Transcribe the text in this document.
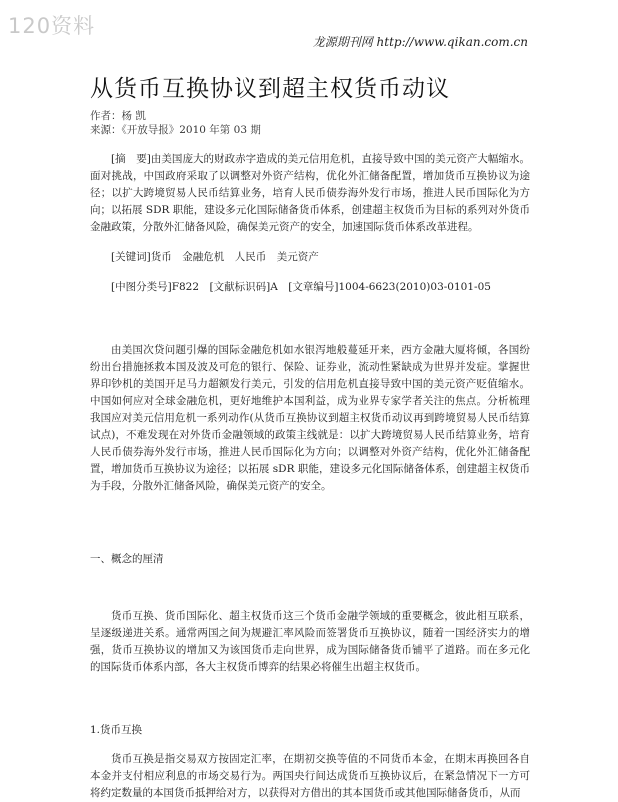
120资料
龙源期刊网 http://www.qikan.com.cn
从货币互换协议到超主权货币动议
作者：杨 凯
来源：《开放导报》2010 年第 03 期

[摘　要]由美国庞大的财政赤字造成的美元信用危机，直接导致中国的美元资产大幅缩水。面对挑战，中国政府采取了以调整对外资产结构，优化外汇储备配置，增加货币互换协议为途径；以扩大跨境贸易人民币结算业务，培育人民币债券海外发行市场，推进人民币国际化为方向；以拓展 SDR 职能，建设多元化国际储备货币体系，创建超主权货币为目标的系列对外货币金融政策，分散外汇储备风险，确保美元资产的安全，加速国际货币体系改革进程。

[关键词]货币　金融危机　人民币　美元资产

[中图分类号]F822　[文献标识码]A　[文章编号]1004-6623(2010)03-0101-05

由美国次贷问题引爆的国际金融危机如水银泻地般蔓延开来，西方金融大厦将倾，各国纷纷出台措施拯救本国及波及可危的银行、保险、证券业，流动性紧缺成为世界并发症。掌握世界印钞机的美国开足马力超额发行美元，引发的信用危机直接导致中国的美元资产贬值缩水。中国如何应对全球金融危机，更好地维护本国利益，成为业界专家学者关注的焦点。分析梳理我国应对美元信用危机一系列动作(从货币互换协议到超主权货币动议再到跨境贸易人民币结算试点)，不难发现在对外货币金融领域的政策主线就是：以扩大跨境贸易人民币结算业务，培育人民币债券海外发行市场，推进人民币国际化为方向；以调整对外资产结构，优化外汇储备配置，增加货币互换协议为途径；以拓展 sDR 职能，建设多元化国际储备体系，创建超主权货币为手段，分散外汇储备风险，确保美元资产的安全。

一、概念的厘清

货币互换、货币国际化、超主权货币这三个货币金融学领域的重要概念，彼此相互联系，呈逐级递进关系。通常两国之间为规避汇率风险而签署货币互换协议，随着一国经济实力的增强，货币互换协议的增加又为该国货币走向世界，成为国际储备货币铺平了道路。而在多元化的国际货币体系内部，各大主权货币博弈的结果必将催生出超主权货币。

1.货币互换

货币互换是指交易双方按固定汇率，在期初交换等值的不同货币本金，在期末再换回各自本金并支付相应利息的市场交易行为。两国央行间达成货币互换协议后，在紧急情况下一方可将约定数量的本国货币抵押给对方，以获得对方借出的其本国货币或其他国际储备货币，从而
